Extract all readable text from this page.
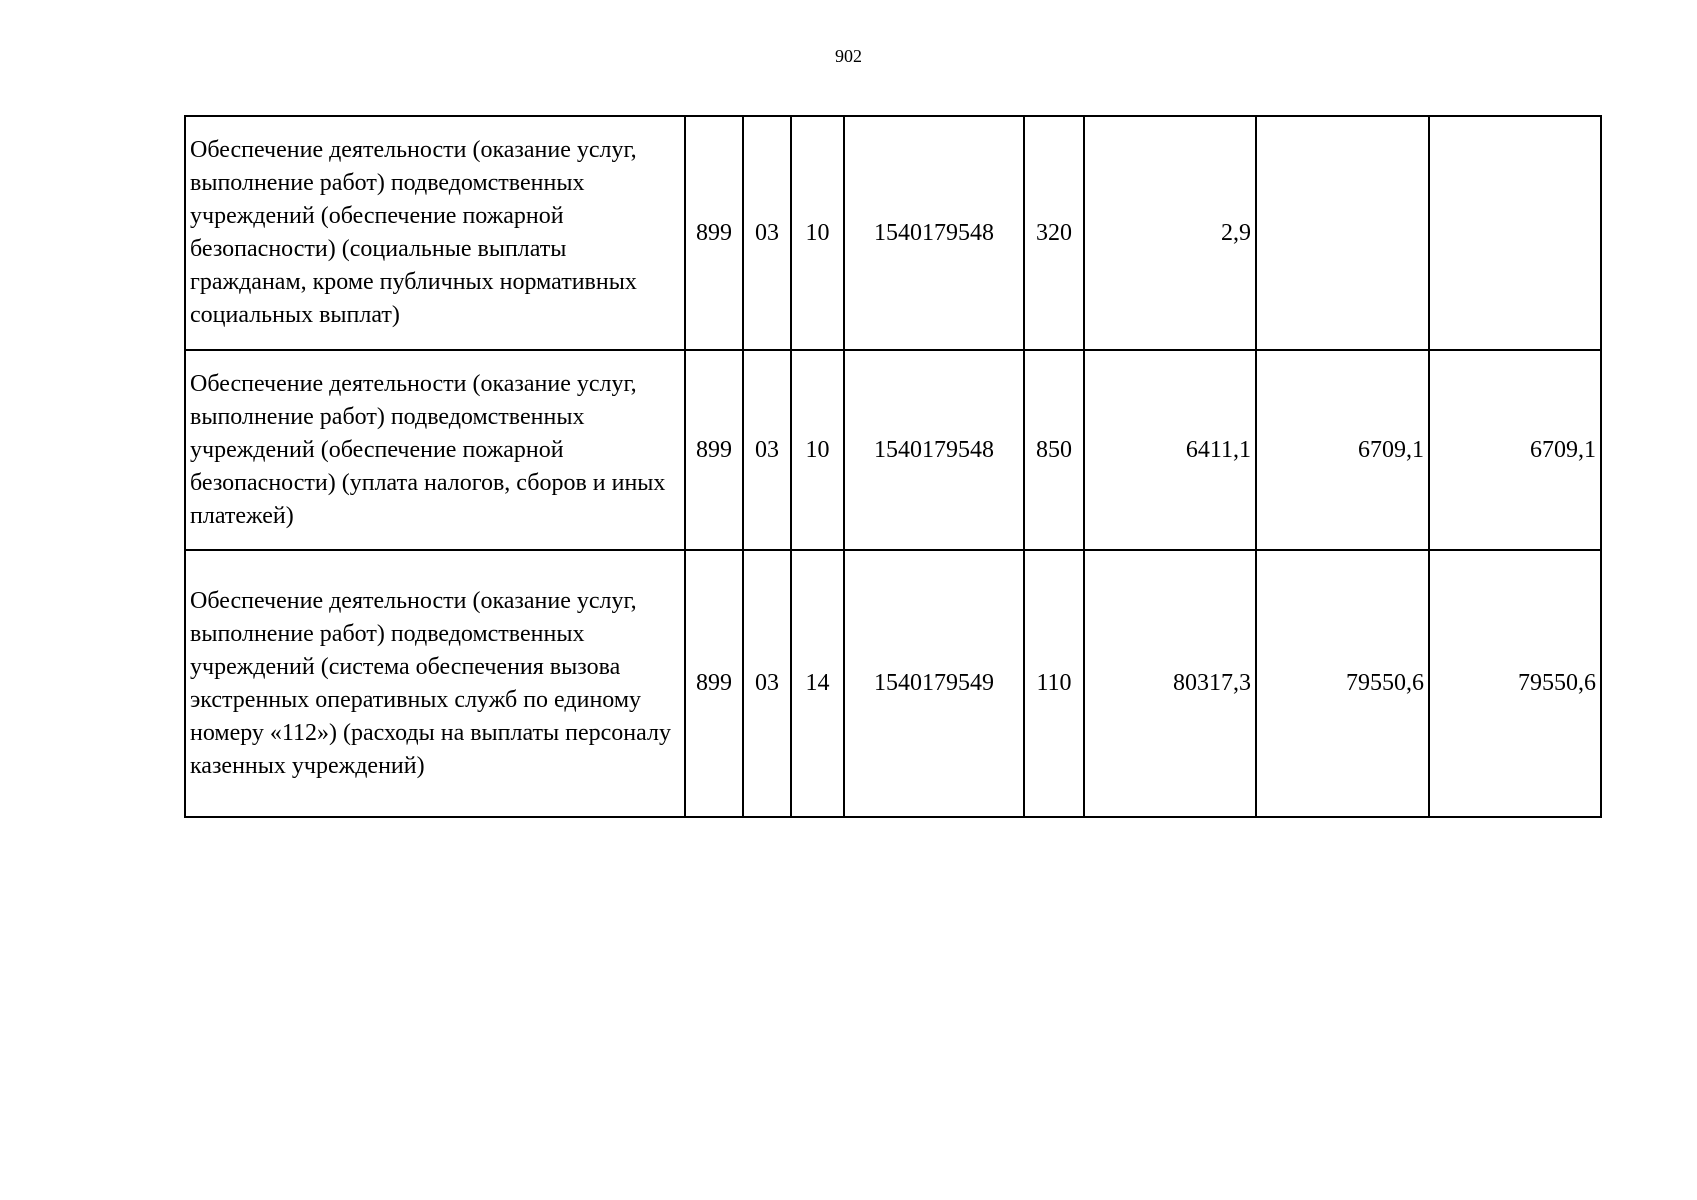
902
Обеспечение деятельности (оказание услуг, выполнение работ) подведомственных учреждений (обеспечение пожарной безопасности) (социальные выплаты гражданам, кроме публичных нормативных социальных выплат)	899	03	10	1540179548	320	2,9		
Обеспечение деятельности (оказание услуг, выполнение работ) подведомственных учреждений (обеспечение пожарной безопасности) (уплата налогов, сборов и иных платежей)	899	03	10	1540179548	850	6411,1	6709,1	6709,1
Обеспечение деятельности (оказание услуг, выполнение работ) подведомственных учреждений (система обеспечения вызова экстренных оперативных служб по единому номеру «112») (расходы на выплаты персоналу казенных учреждений)	899	03	14	1540179549	110	80317,3	79550,6	79550,6
